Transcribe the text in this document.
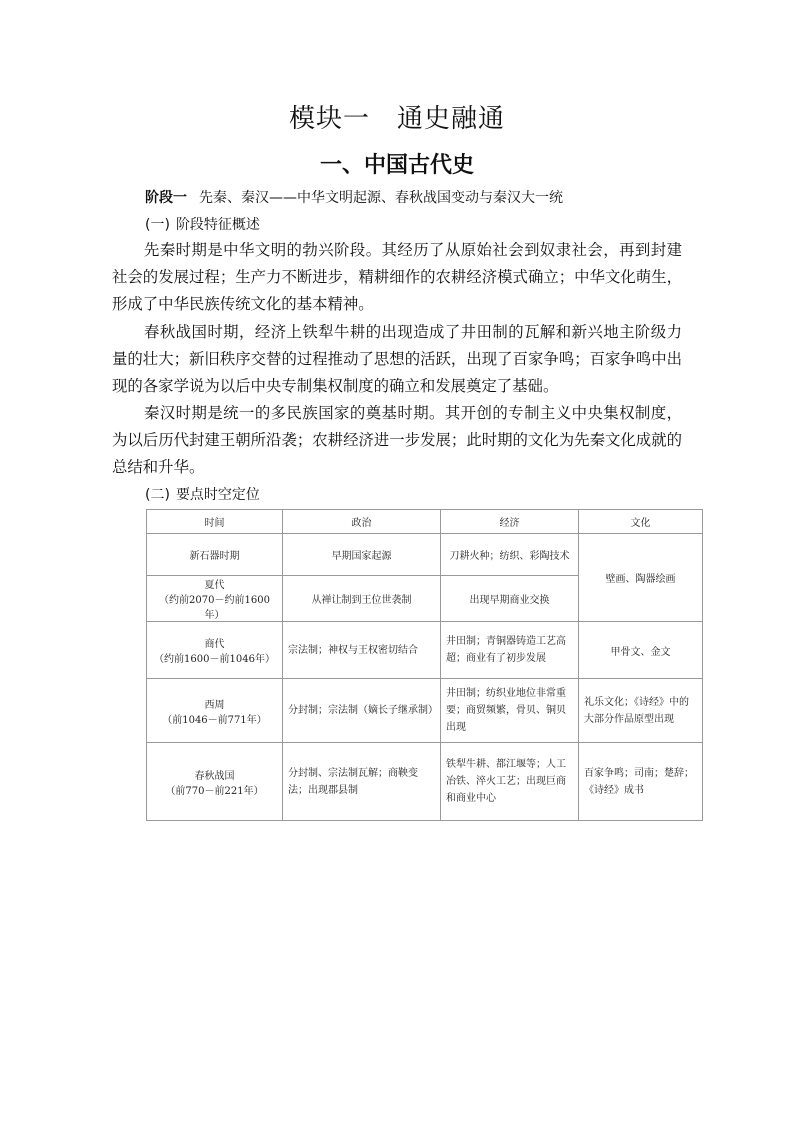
模块一　通史融通
一、中国古代史
阶段一 先秦、秦汉——中华文明起源、春秋战国变动与秦汉大一统
(一) 阶段特征概述

先秦时期是中华文明的勃兴阶段。其经历了从原始社会到奴隶社会，再到封建社会的发展过程；生产力不断进步，精耕细作的农耕经济模式确立；中华文化萌生，形成了中华民族传统文化的基本精神。

春秋战国时期，经济上铁犁牛耕的出现造成了井田制的瓦解和新兴地主阶级力量的壮大；新旧秩序交替的过程推动了思想的活跃，出现了百家争鸣；百家争鸣中出现的各家学说为以后中央专制集权制度的确立和发展奠定了基础。

秦汉时期是统一的多民族国家的奠基时期。其开创的专制主义中央集权制度，为以后历代封建王朝所沿袭；农耕经济进一步发展；此时期的文化为先秦文化成就的总结和升华。

(二) 要点时空定位
时间	政治	经济	文化

新石器时期	早期国家起源	刀耕火种；纺织、彩陶技术	壁画、陶器绘画

夏代
（约前2070－约前1600年）	从禅让制到王位世袭制	出现早期商业交换	

商代
（约前1600－前1046年）	宗法制；神权与王权密切结合	井田制；青铜器铸造工艺高超；商业有了初步发展	甲骨文、金文

西周
（前1046－前771年）	分封制；宗法制（嫡长子继承制）	井田制；纺织业地位非常重要；商贸频繁，骨贝、铜贝出现	礼乐文化；《诗经》中的大部分作品原型出现

春秋战国
（前770－前221年）	分封制、宗法制瓦解；商鞅变法；出现郡县制	铁犁牛耕、都江堰等；人工冶铁、淬火工艺；出现巨商和商业中心	百家争鸣；司南；楚辞；《诗经》成书
